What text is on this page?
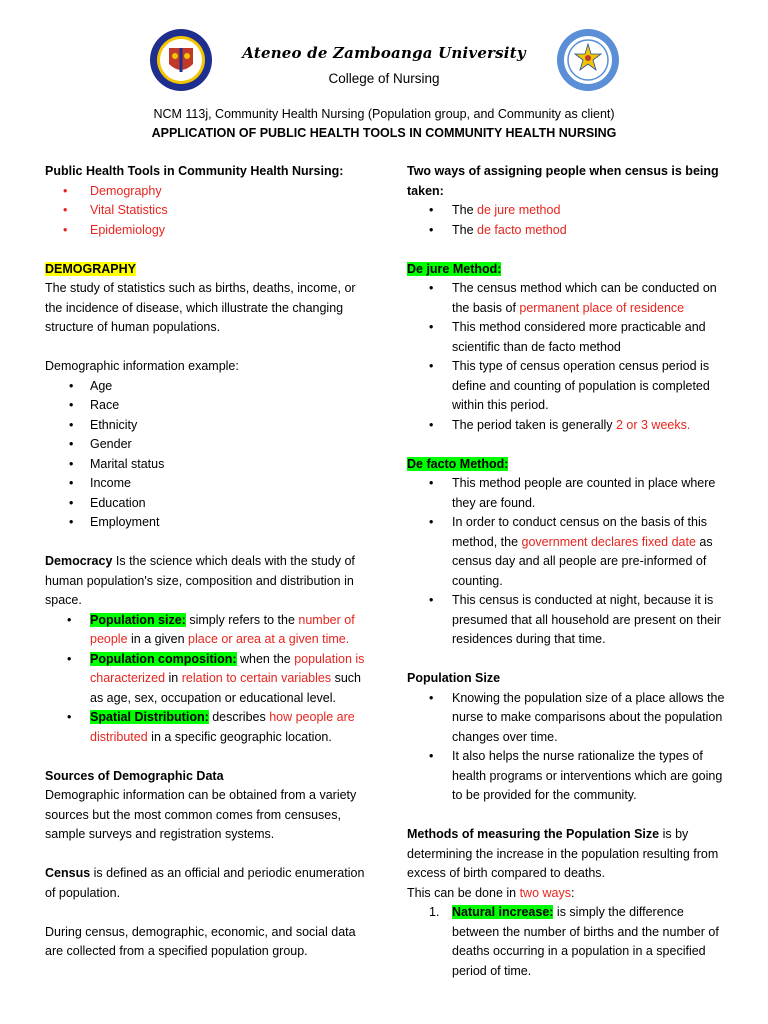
Ateneo de Zamboanga University
College of Nursing
NCM 113j, Community Health Nursing (Population group, and Community as client)
APPLICATION OF PUBLIC HEALTH TOOLS IN COMMUNITY HEALTH NURSING

Public Health Tools in Community Health Nursing:

• Demography
• Vital Statistics
• Epidemiology

DEMOGRAPHY

The study of statistics such as births, deaths, income, or the incidence of disease, which illustrate the changing structure of human populations.

Demographic information example:

• Age
• Race
• Ethnicity
• Gender
• Marital status
• Income
• Education
• Employment

Democracy Is the science which deals with the study of human population's size, composition and distribution in space.

• Population size: simply refers to the number of people in a given place or area at a given time.
• Population composition: when the population is characterized in relation to certain variables such as age, sex, occupation or educational level.
• Spatial Distribution: describes how people are distributed in a specific geographic location.

Sources of Demographic Data

Demographic information can be obtained from a variety sources but the most common comes from censuses, sample surveys and registration systems.

Census is defined as an official and periodic enumeration of population.

During census, demographic, economic, and social data are collected from a specified population group.

Two ways of assigning people when census is being taken:

• The de jure method
• The de facto method

De jure Method:

• The census method which can be conducted on the basis of permanent place of residence
• This method considered more practicable and scientific than de facto method
• This type of census operation census period is define and counting of population is completed within this period.
• The period taken is generally 2 or 3 weeks.

De facto Method:

• This method people are counted in place where they are found.
• In order to conduct census on the basis of this method, the government declares fixed date as census day and all people are pre-informed of counting.
• This census is conducted at night, because it is presumed that all household are present on their residences during that time.

Population Size

• Knowing the population size of a place allows the nurse to make comparisons about the population changes over time.
• It also helps the nurse rationalize the types of health programs or interventions which are going to be provided for the community.

Methods of measuring the Population Size is by determining the increase in the population resulting from excess of birth compared to deaths.

This can be done in two ways:

1. Natural increase: is simply the difference between the number of births and the number of deaths occurring in a population in a specified period of time.
